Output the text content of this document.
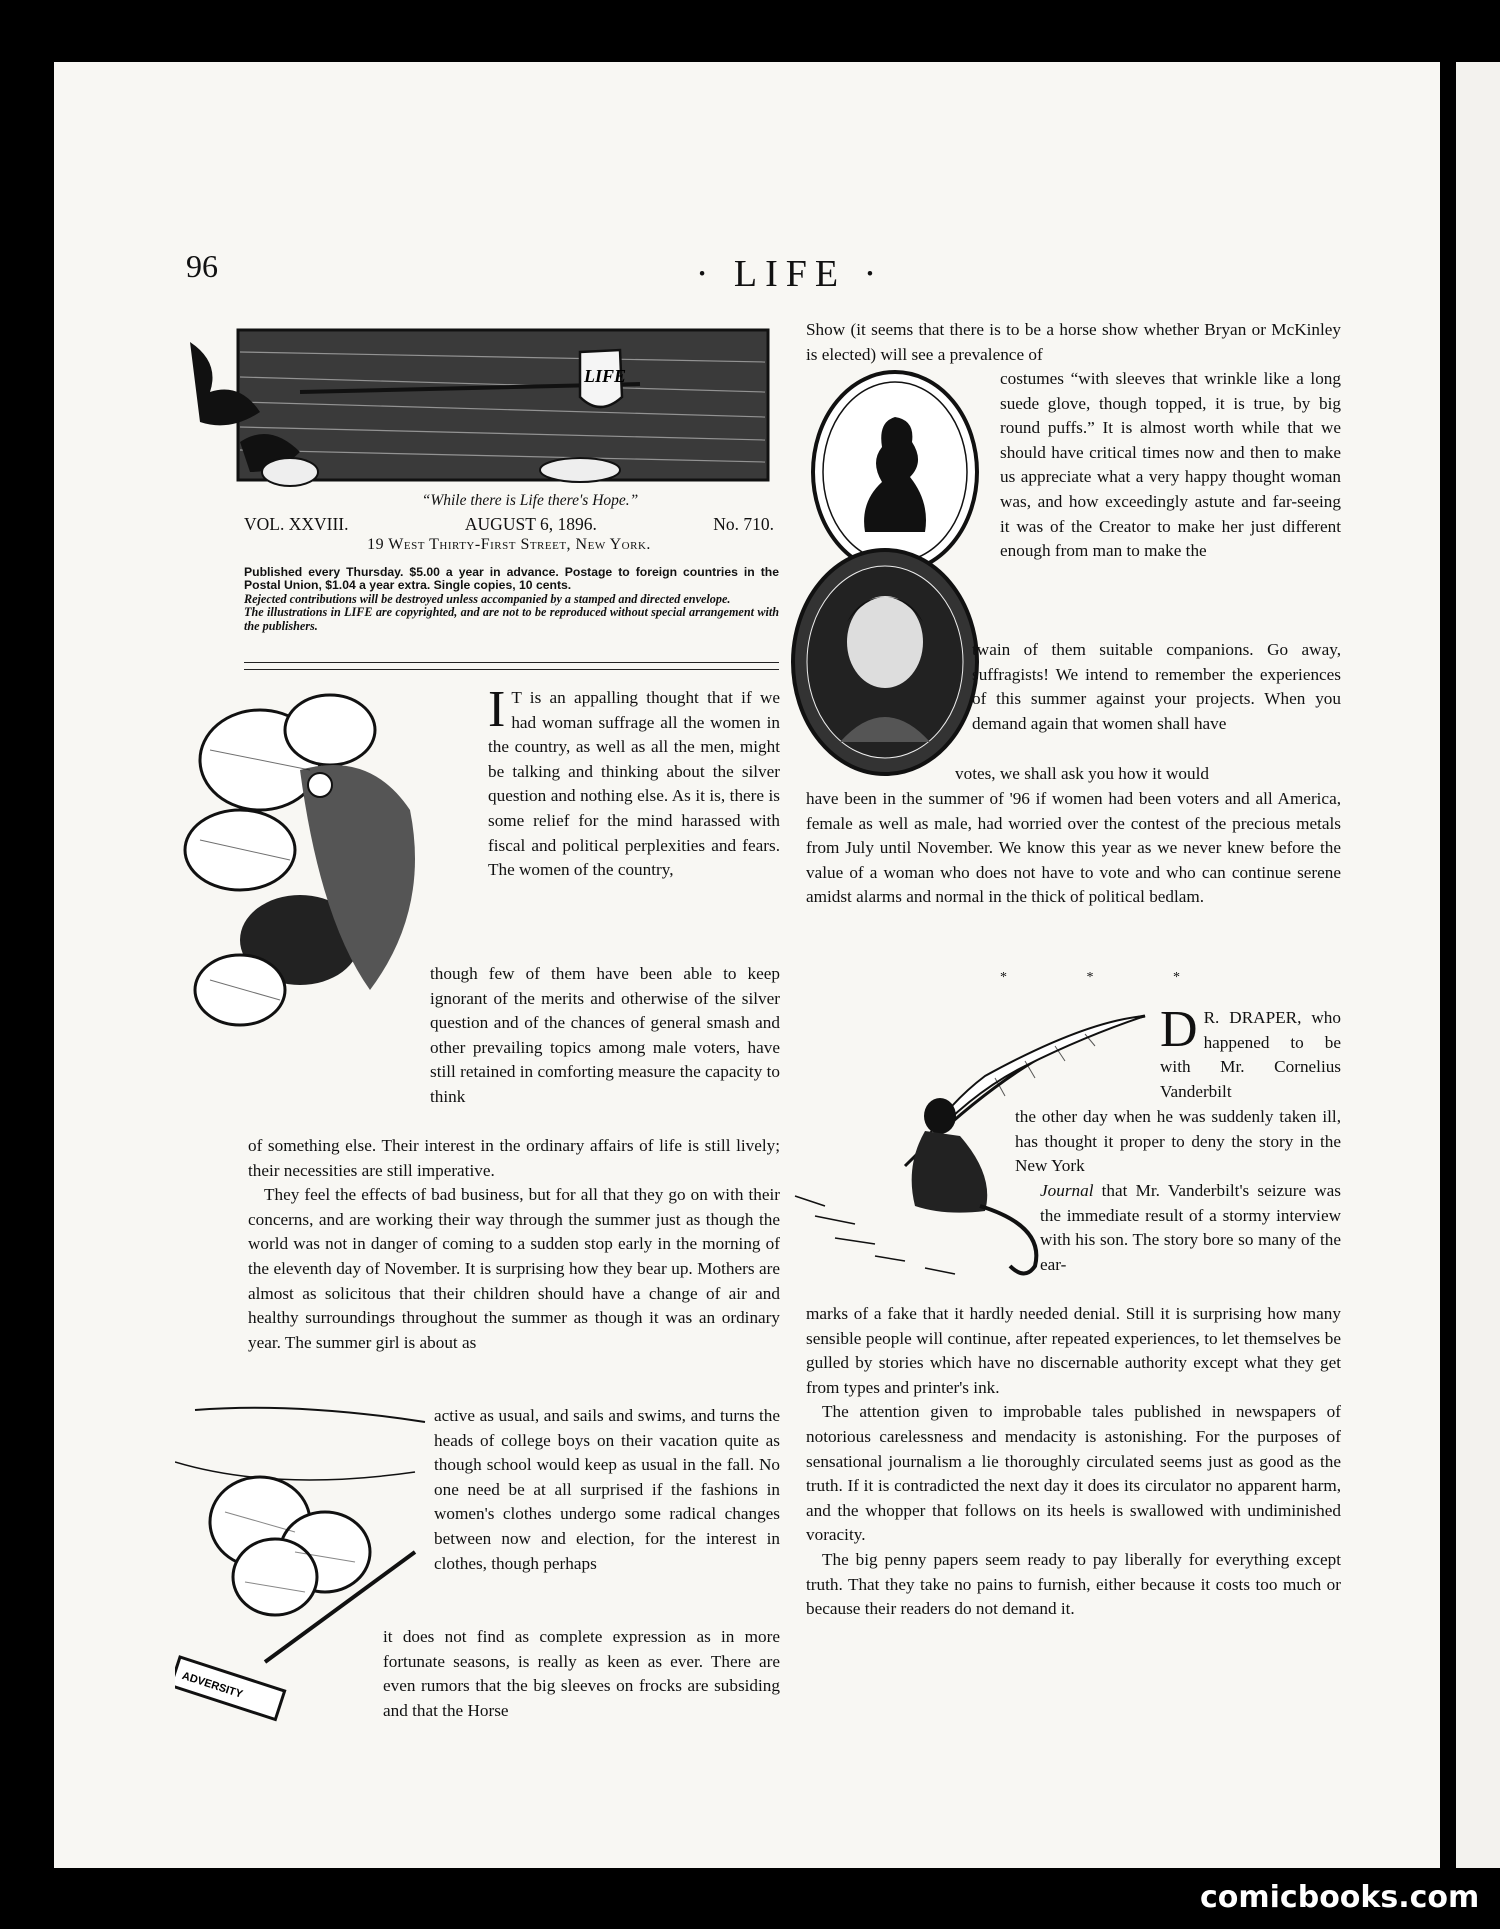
96	· LIFE ·
LIFE
“While there is Life there's Hope.”
VOL. XXVIII.	AUGUST 6, 1896.	No. 710.
19 West Thirty-First Street, New York.
Published every Thursday. $5.00 a year in advance. Postage to foreign countries in the Postal Union, $1.04 a year extra. Single copies, 10 cents.
Rejected contributions will be destroyed unless accompanied by a stamped and directed envelope.
The illustrations in LIFE are copyrighted, and are not to be reproduced without special arrangement with the publishers.

I T is an appalling thought that if we had woman suffrage all the women in the country, as well as all the men, might be talking and thinking about the silver question and nothing else. As it is, there is some relief for the mind harassed with fiscal and political perplexities and fears. The women of the country,

though few of them have been able to keep ignorant of the merits and otherwise of the silver question and of the chances of general smash and other prevailing topics among male voters, have still retained in comforting measure the capacity to think

of something else. Their interest in the ordinary affairs of life is still lively; their necessities are still imperative.

They feel the effects of bad business, but for all that they go on with their concerns, and are working their way through the summer just as though the world was not in danger of coming to a sudden stop early in the morning of the eleventh day of November. It is surprising how they bear up. Mothers are almost as solicitous that their children should have a change of air and healthy surroundings throughout the summer as though it was an ordinary year. The summer girl is about as

ADVERSITY

active as usual, and sails and swims, and turns the heads of college boys on their vacation quite as though school would keep as usual in the fall. No one need be at all surprised if the fashions in women's clothes undergo some radical changes between now and election, for the interest in clothes, though perhaps

it does not find as complete expression as in more fortunate seasons, is really as keen as ever. There are even rumors that the big sleeves on frocks are subsiding and that the Horse

Show (it seems that there is to be a horse show whether Bryan or McKinley is elected) will see a prevalence of

costumes “with sleeves that wrinkle like a long suede glove, though topped, it is true, by big round puffs.” It is almost worth while that we should have critical times now and then to make us appreciate what a very happy thought woman was, and how exceedingly astute and far-seeing it was of the Creator to make her just different enough from man to make the

twain of them suitable companions. Go away, suffragists! We intend to remember the experiences of this summer against your projects. When you demand again that women shall have

votes, we shall ask you how it would

have been in the summer of '96 if women had been voters and all America, female as well as male, had worried over the contest of the precious metals from July until November. We know this year as we never knew before the value of a woman who does not have to vote and who can continue serene amidst alarms and normal in the thick of political bedlam.

* * *

D R. DRAPER, who happened to be with Mr. Cornelius Vanderbilt

the other day when he was suddenly taken ill, has thought it proper to deny the story in the New York

Journal that Mr. Vanderbilt's seizure was the immediate result of a stormy interview with his son. The story bore so many of the ear-

marks of a fake that it hardly needed denial. Still it is surprising how many sensible people will continue, after repeated experiences, to let themselves be gulled by stories which have no discernable authority except what they get from types and printer's ink.

The attention given to improbable tales published in newspapers of notorious carelessness and mendacity is astonishing. For the purposes of sensational journalism a lie thoroughly circulated seems just as good as the truth. If it is contradicted the next day it does its circulator no apparent harm, and the whopper that follows on its heels is swallowed with undiminished voracity.

The big penny papers seem ready to pay liberally for everything except truth. That they take no pains to furnish, either because it costs too much or because their readers do not demand it.

comicbooks.com
